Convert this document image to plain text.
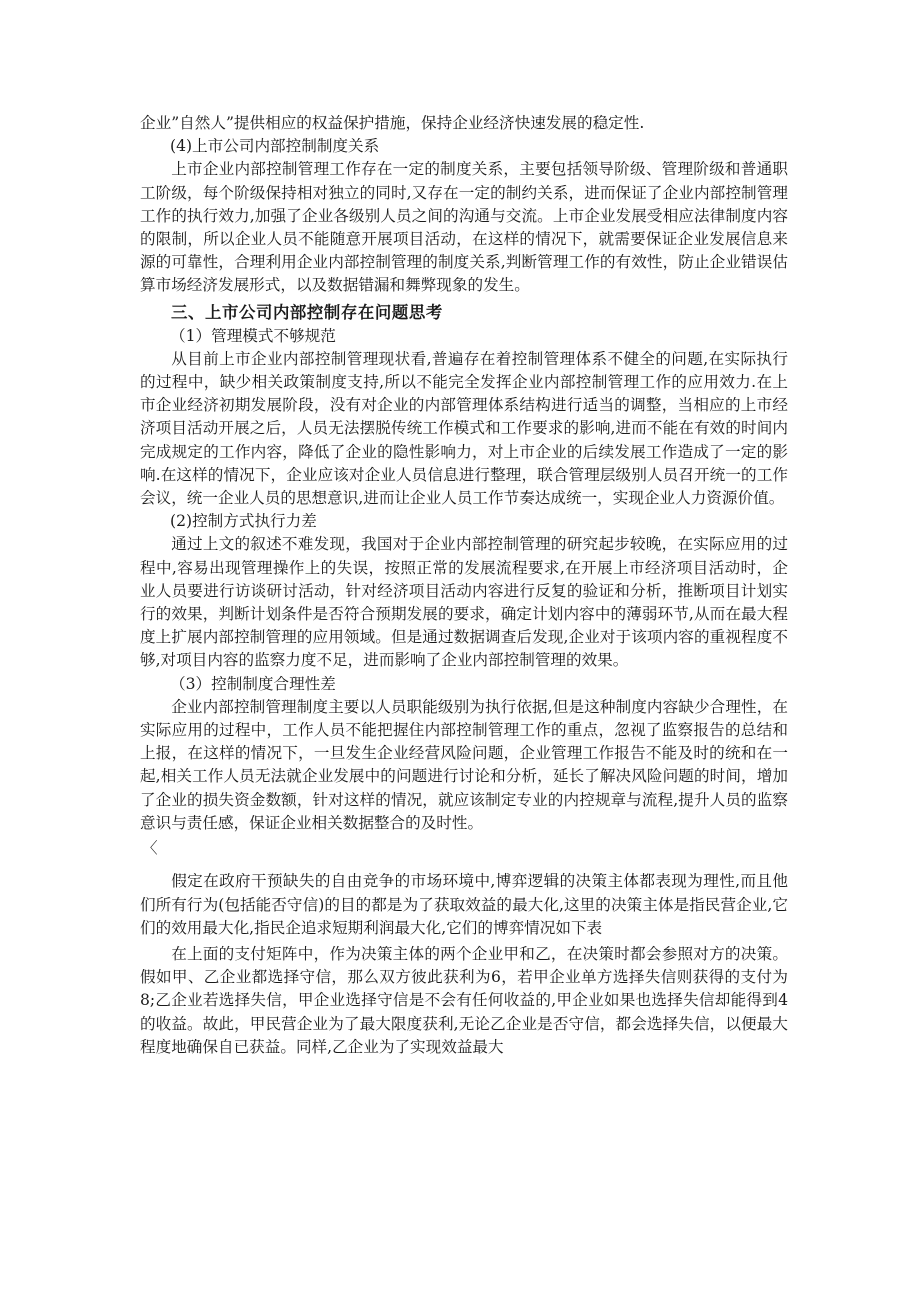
企业”自然人”提供相应的权益保护措施，保持企业经济快速发展的稳定性.

(4)上市公司内部控制制度关系

上市企业内部控制管理工作存在一定的制度关系，主要包括领导阶级、管理阶级和普通职工阶级，每个阶级保持相对独立的同时,又存在一定的制约关系，进而保证了企业内部控制管理工作的执行效力,加强了企业各级别人员之间的沟通与交流。上市企业发展受相应法律制度内容的限制，所以企业人员不能随意开展项目活动，在这样的情况下，就需要保证企业发展信息来源的可靠性，合理利用企业内部控制管理的制度关系,判断管理工作的有效性，防止企业错误估算市场经济发展形式，以及数据错漏和舞弊现象的发生。

三、上市公司内部控制存在问题思考

（1）管理模式不够规范

从目前上市企业内部控制管理现状看,普遍存在着控制管理体系不健全的问题,在实际执行的过程中，缺少相关政策制度支持,所以不能完全发挥企业内部控制管理工作的应用效力.在上市企业经济初期发展阶段，没有对企业的内部管理体系结构进行适当的调整，当相应的上市经济项目活动开展之后，人员无法摆脱传统工作模式和工作要求的影响,进而不能在有效的时间内完成规定的工作内容，降低了企业的隐性影响力，对上市企业的后续发展工作造成了一定的影响.在这样的情况下，企业应该对企业人员信息进行整理，联合管理层级别人员召开统一的工作会议，统一企业人员的思想意识,进而让企业人员工作节奏达成统一，实现企业人力资源价值。

(2)控制方式执行力差

通过上文的叙述不难发现，我国对于企业内部控制管理的研究起步较晚，在实际应用的过程中,容易出现管理操作上的失误，按照正常的发展流程要求,在开展上市经济项目活动时，企业人员要进行访谈研讨活动，针对经济项目活动内容进行反复的验证和分析，推断项目计划实行的效果，判断计划条件是否符合预期发展的要求，确定计划内容中的薄弱环节,从而在最大程度上扩展内部控制管理的应用领域。但是通过数据调查后发现,企业对于该项内容的重视程度不够,对项目内容的监察力度不足，进而影响了企业内部控制管理的效果。

（3）控制制度合理性差

企业内部控制管理制度主要以人员职能级别为执行依据,但是这种制度内容缺少合理性，在实际应用的过程中，工作人员不能把握住内部控制管理工作的重点，忽视了监察报告的总结和上报，在这样的情况下，一旦发生企业经营风险问题，企业管理工作报告不能及时的统和在一起,相关工作人员无法就企业发展中的问题进行讨论和分析，延长了解决风险问题的时间，增加了企业的损失资金数额，针对这样的情况，就应该制定专业的内控规章与流程,提升人员的监察意识与责任感，保证企业相关数据整合的及时性。

〈

假定在政府干预缺失的自由竞争的市场环境中,博弈逻辑的决策主体都表现为理性,而且他们所有行为(包括能否守信)的目的都是为了获取效益的最大化,这里的决策主体是指民营企业,它们的效用最大化,指民企追求短期利润最大化,它们的博弈情况如下表

在上面的支付矩阵中，作为决策主体的两个企业甲和乙，在决策时都会参照对方的决策。假如甲、乙企业都选择守信，那么双方彼此获利为6，若甲企业单方选择失信则获得的支付为8;乙企业若选择失信，甲企业选择守信是不会有任何收益的,甲企业如果也选择失信却能得到4的收益。故此，甲民营企业为了最大限度获利,无论乙企业是否守信，都会选择失信，以便最大程度地确保自已获益。同样,乙企业为了实现效益最大
